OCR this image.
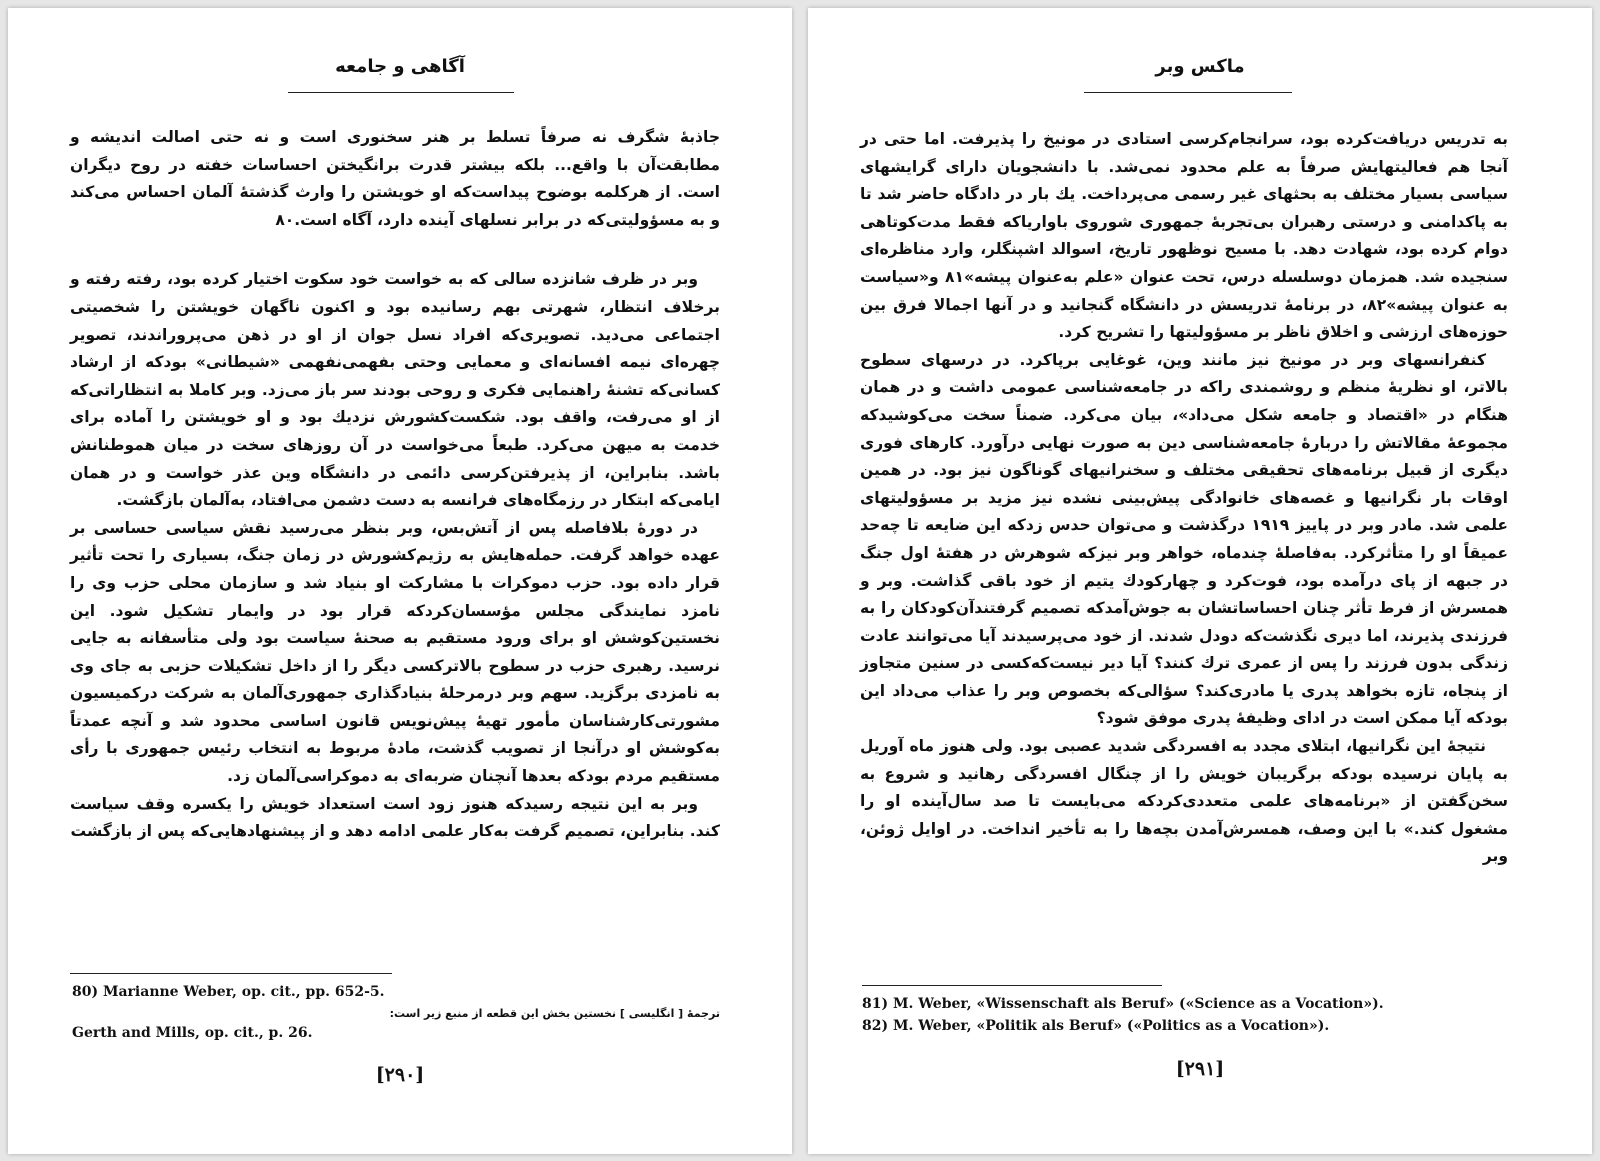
آگاهی و جامعه

جاذبهٔ شگرف نه صرفاً تسلط بر هنر سخنوری است و نه حتی اصالت اندیشه و مطابقت‌آن با واقع... بلکه بیشتر قدرت برانگیختن احساسات خفته در روح دیگران است. از هرکلمه بوضوح پیداست‌که او خویشتن را وارث گذشتهٔ آلمان احساس می‌کند و به مسؤولیتی‌که در برابر نسلهای آینده دارد، آگاه است.۸۰

وبر در ظرف شانزده سالی که به خواست خود سکوت اختیار کرده بود، رفته رفته و برخلاف انتظار، شهرتی بهم رسانیده بود و اکنون ناگهان خویشتن را شخصیتی اجتماعی می‌دید. تصویری‌که افراد نسل جوان از او در ذهن می‌پروراندند، تصویر چهره‌ای نیمه افسانه‌ای و معمایی وحتی بفهمی‌نفهمی «شیطانی» بودکه از ارشاد کسانی‌که تشنهٔ راهنمایی فکری و روحی بودند سر باز می‌زد. وبر کاملا به انتظاراتی‌که از او می‌رفت، واقف بود. شکست‌کشورش نزدیك بود و او خویشتن را آماده برای خدمت به میهن می‌کرد. طبعاً می‌خواست در آن روزهای سخت در میان هموطنانش باشد. بنابراین، از پذیرفتن‌کرسی دائمی در دانشگاه وین عذر خواست و در همان ایامی‌که ابتکار در رزمگاه‌های فرانسه به دست دشمن می‌افتاد، به‌آلمان بازگشت.

در دورهٔ بلافاصله پس از آتش‌بس، وبر بنظر می‌رسید نقش سیاسی حساسی بر عهده خواهد گرفت. حمله‌هایش به رژیم‌کشورش در زمان جنگ، بسیاری را تحت تأثیر قرار داده بود. حزب دموکرات با مشارکت او بنیاد شد و سازمان محلی حزب وی را نامزد نمایندگی مجلس مؤسسان‌کردکه قرار بود در وایمار تشکیل شود. این نخستین‌کوشش او برای ورود مستقیم به صحنهٔ سیاست بود ولی متأسفانه به جایی نرسید. رهبری حزب در سطوح بالاترکسی دیگر را از داخل تشکیلات حزبی به جای وی به نامزدی برگزید. سهم وبر درمرحلهٔ بنیادگذاری جمهوری‌آلمان به شرکت درکمیسیون مشورتی‌کارشناسان مأمور تهیهٔ پیش‌نویس قانون اساسی محدود شد و آنچه عمدتاً به‌کوشش او درآنجا از تصویب گذشت، مادهٔ مربوط به انتخاب رئیس جمهوری با رأی مستقیم مردم بودکه بعدها آنچنان ضربه‌ای به دموکراسی‌آلمان زد.

وبر به این نتیجه رسیدکه هنوز زود است استعداد خویش را یکسره وقف سیاست کند. بنابراین، تصمیم گرفت به‌کار علمی ادامه دهد و از پیشنهادهایی‌که پس از بازگشت

80) Marianne Weber, op. cit., pp. 652-5.
ترجمهٔ [ انگلیسی ] نخستین بخش این قطعه از منبع زیر است:
Gerth and Mills, op. cit., p. 26.
[۲۹۰]
ماکس وبر

به تدریس دریافت‌کرده بود، سرانجام‌کرسی استادی در مونیخ را پذیرفت. اما حتی در آنجا هم فعالیتهایش صرفاً به علم محدود نمی‌شد. با دانشجویان دارای گرایشهای سیاسی بسیار مختلف به بحثهای غیر رسمی می‌پرداخت. یك بار در دادگاه حاضر شد تا به پاکدامنی و درستی رهبران بی‌تجربهٔ جمهوری شوروی باواریاکه فقط مدت‌کوتاهی دوام کرده بود، شهادت دهد. با مسیح نوظهور تاریخ، اسوالد اشپنگلر، وارد مناظره‌ای سنجیده شد. همزمان دوسلسله درس، تحت عنوان «علم به‌عنوان پیشه»۸۱ و«سیاست به عنوان پیشه»۸۲، در برنامهٔ تدریسش در دانشگاه گنجانید و در آنها اجمالا فرق بین حوزه‌های ارزشی و اخلاق ناظر بر مسؤولیتها را تشریح کرد.

کنفرانسهای وبر در مونیخ نیز مانند وین، غوغایی برپاکرد. در درسهای سطوح بالاتر، او نظریهٔ منظم و روشمندی راکه در جامعه‌شناسی عمومی داشت و در همان هنگام در «اقتصاد و جامعه شکل می‌داد»، بیان می‌کرد. ضمناً سخت می‌کوشیدکه مجموعهٔ مقالاتش را دربارهٔ جامعه‌شناسی دین به صورت نهایی درآورد. کارهای فوری دیگری از قبیل برنامه‌های تحقیقی مختلف و سخنرانیهای گوناگون نیز بود. در همین اوقات بار نگرانیها و غصه‌های خانوادگی پیش‌بینی نشده نیز مزید بر مسؤولیتهای علمی شد. مادر وبر در پاییز ۱۹۱۹ درگذشت و می‌توان حدس زدکه این ضایعه تا چه‌حد عمیقاً او را متأثرکرد. به‌فاصلهٔ چندماه، خواهر وبر نیزکه شوهرش در هفتهٔ اول جنگ در جبهه از پای درآمده بود، فوت‌کرد و چهارکودك یتیم از خود باقی گذاشت. وبر و همسرش از فرط تأثر چنان احساساتشان به جوش‌آمدکه تصمیم گرفتندآن‌کودکان را به فرزندی پذیرند، اما دیری نگذشت‌که دودل شدند. از خود می‌پرسیدند آیا می‌توانند عادت زندگی بدون فرزند را پس از عمری ترك کنند؟ آیا دیر نیست‌که‌کسی در سنین متجاوز از پنجاه، تازه بخواهد پدری یا مادری‌کند؟ سؤالی‌که بخصوص وبر را عذاب می‌داد این بودکه آیا ممکن است در ادای وظیفهٔ پدری موفق شود؟

نتیجهٔ این نگرانیها، ابتلای مجدد به افسردگی شدید عصبی بود. ولی هنوز ماه آوریل به پایان نرسیده بودکه برگریبان خویش را از چنگال افسردگی رهانید و شروع به سخن‌گفتن از «برنامه‌های علمی متعددی‌کردکه می‌بایست تا صد سال‌آینده او را مشغول کند.» با این وصف، همسرش‌آمدن بچه‌ها را به تأخیر انداخت. در اوایل ژوئن، وبر

81) M. Weber, «Wissenschaft als Beruf» («Science as a Vocation»).
82) M. Weber, «Politik als Beruf» («Politics as a Vocation»).
[۲۹۱]
